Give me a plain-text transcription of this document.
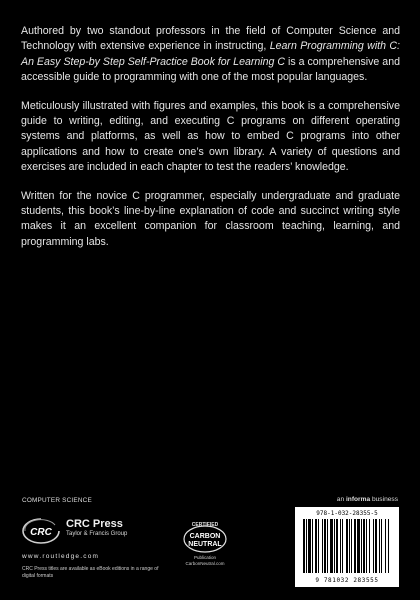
Authored by two standout professors in the field of Computer Science and Technology with extensive experience in instructing, Learn Programming with C: An Easy Step-by Step Self-Practice Book for Learning C is a comprehensive and accessible guide to programming with one of the most popular languages.

Meticulously illustrated with figures and examples, this book is a comprehensive guide to writing, editing, and executing C programs on different operating systems and platforms, as well as how to embed C programs into other applications and how to create one’s own library. A variety of questions and exercises are included in each chapter to test the readers’ knowledge.

Written for the novice C programmer, especially undergraduate and graduate students, this book’s line-by-line explanation of code and succinct writing style makes it an excellent companion for classroom teaching, learning, and programming labs.

COMPUTER SCIENCE	an informa business
CRC
CRC Press
Taylor & Francis Group
www.routledge.com
CRC Press titles are available as eBook editions in a range of digital formats
CERTIFIED
CARBON
NEUTRAL
Publication
CarbonNeutral.com
978-1-032-28355-5
9 781032 283555
